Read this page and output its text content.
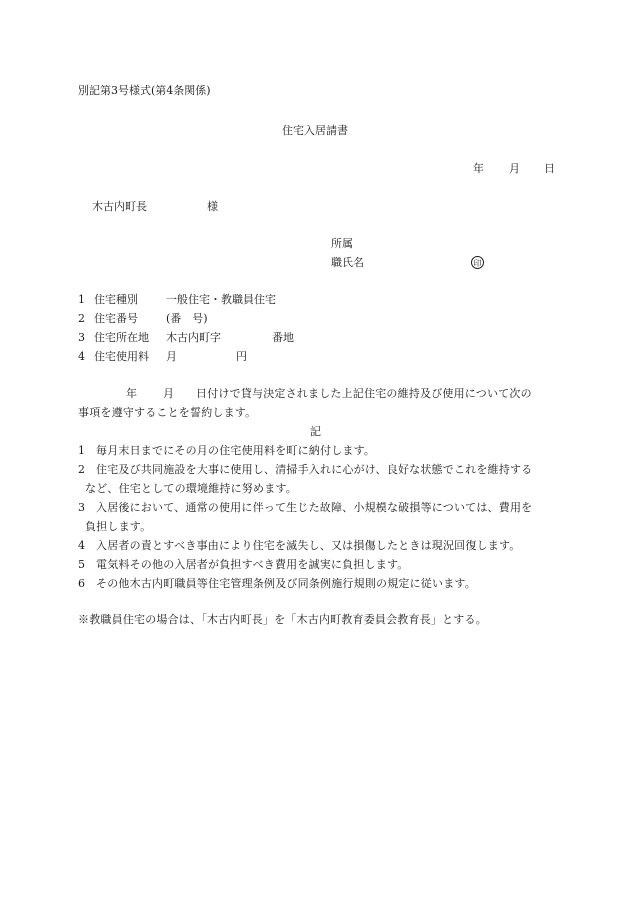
別記第3号様式(第4条関係)
住宅入居請書
年 月 日
木古内町長	様
所属
職氏名	印
1 住宅種別	一般住宅・教職員住宅
2 住宅番号	(番　号)
3 住宅所在地 木古内町字	番地
4 住宅使用料 月	円
年 月 日付けで貸与決定されました上記住宅の維持及び使用について次の
事項を遵守することを誓約します。
記
1 毎月末日までにその月の住宅使用料を町に納付します。
2 住宅及び共同施設を大事に使用し、清掃手入れに心がけ、良好な状態でこれを維持する
など、住宅としての環境維持に努めます。
3 入居後において、通常の使用に伴って生じた故障、小規模な破損等については、費用を
負担します。
4 入居者の責とすべき事由により住宅を滅失し、又は損傷したときは現況回復します。
5 電気料その他の入居者が負担すべき費用を誠実に負担します。
6 その他木古内町職員等住宅管理条例及び同条例施行規則の規定に従います。
※教職員住宅の場合は、「木古内町長」を「木古内町教育委員会教育長」とする。
